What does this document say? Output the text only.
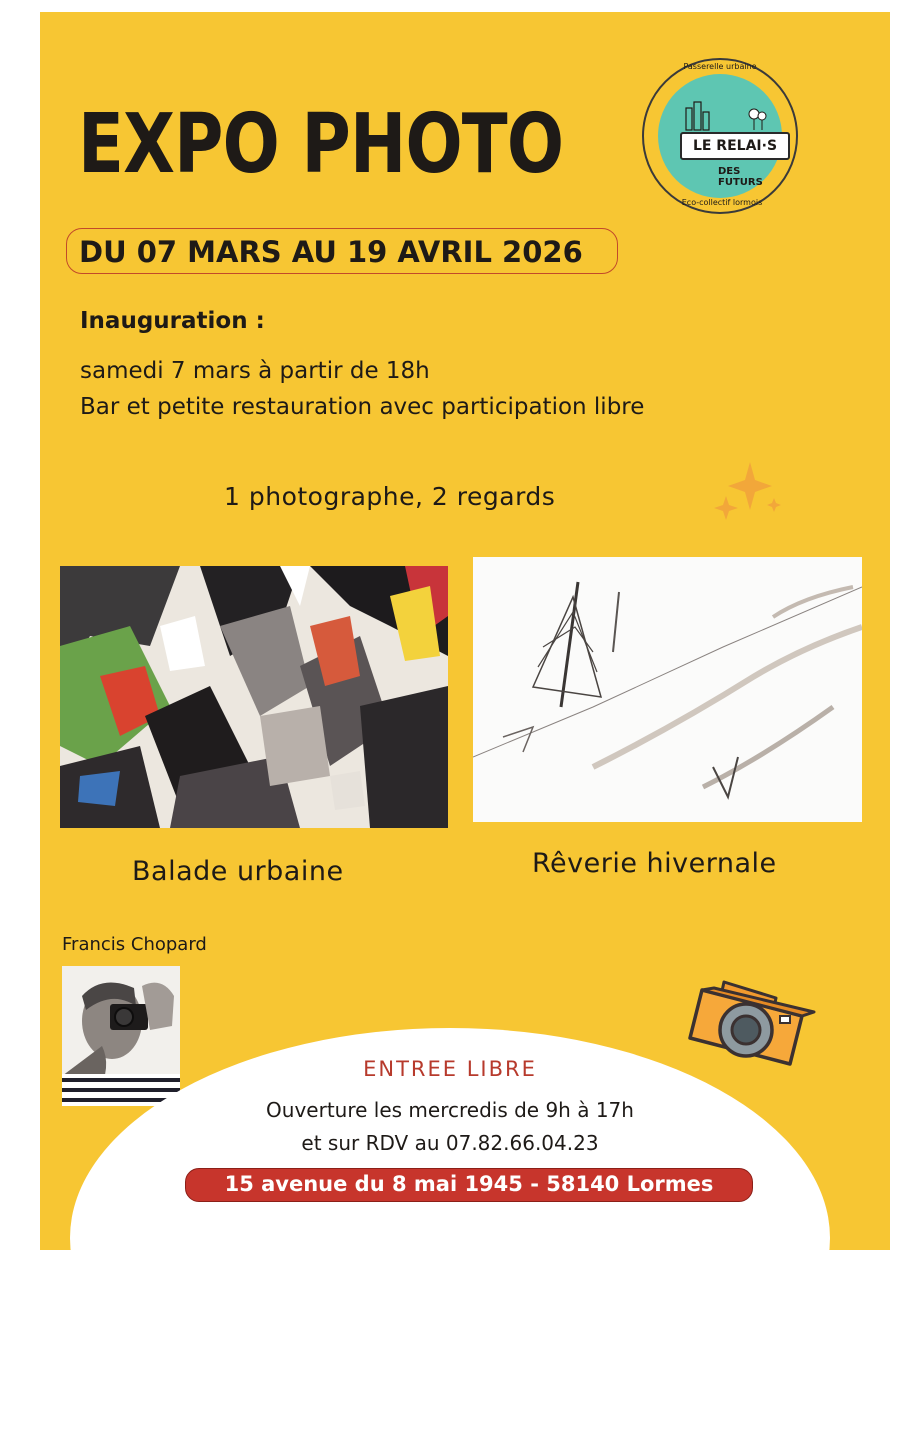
EXPO PHOTO
Passerelle urbaine
LE RELAI·S
DES FUTURS
Eco-collectif lormois
DU 07 MARS AU 19 AVRIL 2026
Inauguration :
samedi 7 mars à partir de 18h
Bar et petite restauration avec participation libre
1 photographe, 2 regards
Balade urbaine	Rêverie hivernale
Francis Chopard
ENTREE LIBRE
Ouverture les mercredis de 9h à 17h
et sur RDV au 07.82.66.04.23
15 avenue du 8 mai 1945 - 58140 Lormes
